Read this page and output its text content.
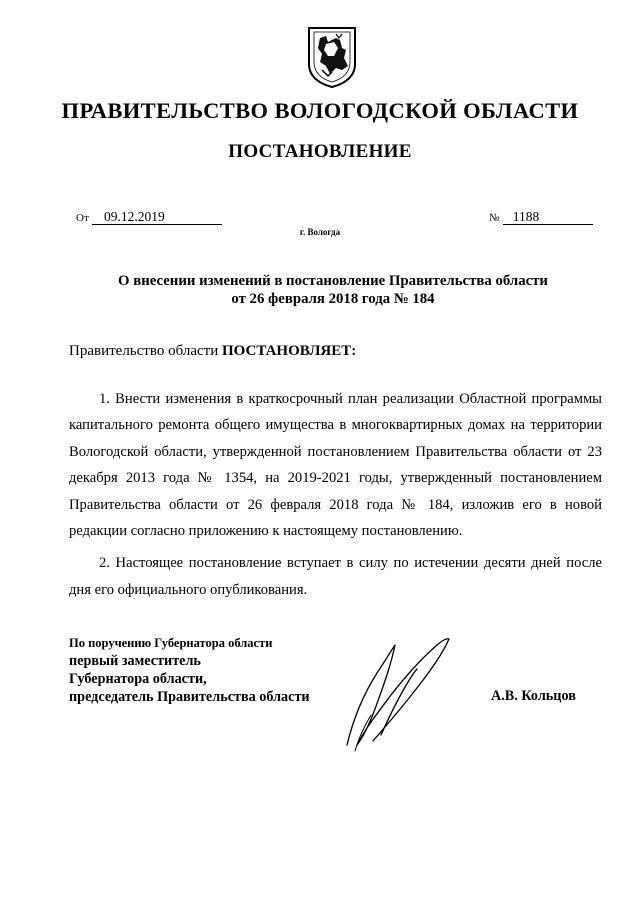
ПРАВИТЕЛЬСТВО ВОЛОГОДСКОЙ ОБЛАСТИ
ПОСТАНОВЛЕНИЕ
От 09.12.2019	№ 1188
г. Вологда
О внесении изменений в постановление Правительства области
от 26 февраля 2018 года № 184
Правительство области ПОСТАНОВЛЯЕТ:

1. Внести изменения в краткосрочный план реализации Областной программы капитального ремонта общего имущества в многоквартирных домах на территории Вологодской области, утвержденной постановлением Правительства области от 23 декабря 2013 года № 1354, на 2019-2021 годы, утвержденный постановлением Правительства области от 26 февраля 2018 года № 184, изложив его в новой редакции согласно приложению к настоящему постановлению.

2. Настоящее постановление вступает в силу по истечении десяти дней после дня его официального опубликования.

По поручению Губернатора области
первый заместитель
Губернатора области,
председатель Правительства области	А.В. Кольцов
